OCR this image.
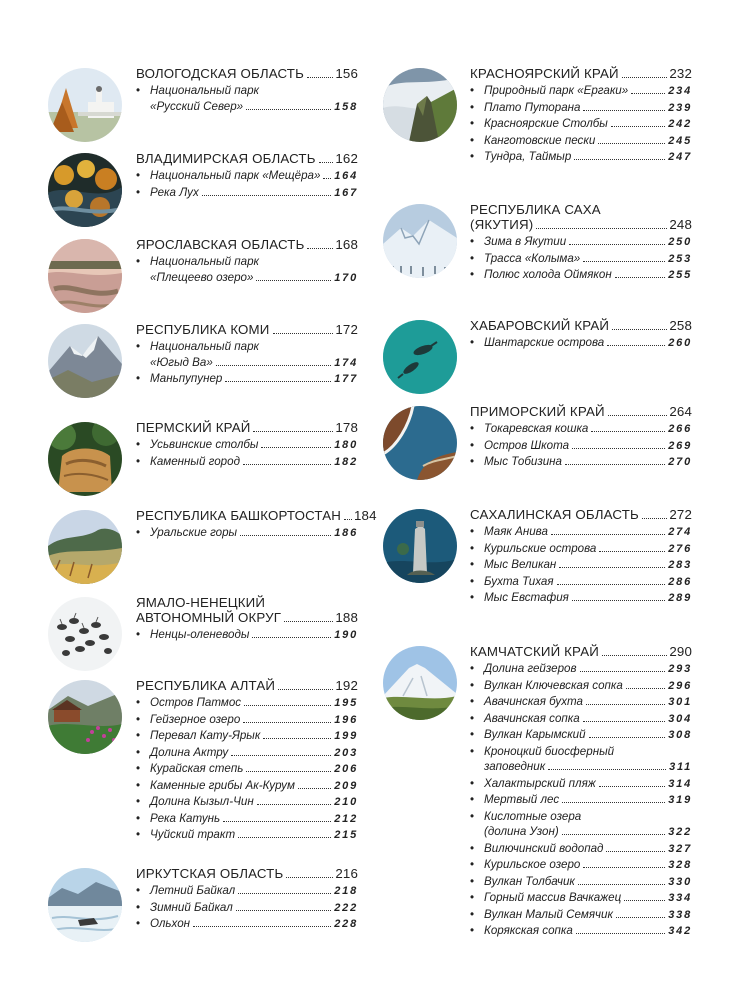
ВОЛОГОДСКАЯ ОБЛАСТЬ 156
• Национальный парк
«Русский Север»	158
ВЛАДИМИРСКАЯ ОБЛАСТЬ 162
• Национальный парк «Мещёра» 164
• Река Лух	167
ЯРОСЛАВСКАЯ ОБЛАСТЬ 168
• Национальный парк
«Плещеево озеро»	170
РЕСПУБЛИКА КОМИ	172
• Национальный парк
«Югыд Ва»	174
• Маньпупунер	177
ПЕРМСКИЙ КРАЙ	178
• Усьвинские столбы	180
• Каменный город	182
РЕСПУБЛИКА БАШКОРТОСТАН 184
• Уральские горы	186
ЯМАЛО-НЕНЕЦКИЙ
АВТОНОМНЫЙ ОКРУГ	188
• Ненцы-оленеводы	190
РЕСПУБЛИКА АЛТАЙ	192
• Остров Патмос	195
• Гейзерное озеро	196
• Перевал Кату-Ярык	199
• Долина Актру	203
• Курайская степь	206
• Каменные грибы Ак-Курум	209
• Долина Кызыл-Чин	210
• Река Катунь	212
• Чуйский тракт	215
ИРКУТСКАЯ ОБЛАСТЬ	216
• Летний Байкал	218
• Зимний Байкал	222
• Ольхон	228
КРАСНОЯРСКИЙ КРАЙ	232
• Природный парк «Ергаки»	234
• Плато Путорана	239
• Красноярские Столбы	242
• Канготовские пески	245
• Тундра, Таймыр	247
РЕСПУБЛИКА САХА
(ЯКУТИЯ)	248
• Зима в Якутии	250
• Трасса «Колыма»	253
• Полюс холода Оймякон	255
ХАБАРОВСКИЙ КРАЙ	258
• Шантарские острова	260
ПРИМОРСКИЙ КРАЙ	264
• Токаревская кошка	266
• Остров Шкота	269
• Мыс Тобизина	270
САХАЛИНСКАЯ ОБЛАСТЬ 272
• Маяк Анива	274
• Курильские острова	276
• Мыс Великан	283
• Бухта Тихая	286
• Мыс Евстафия	289
КАМЧАТСКИЙ КРАЙ	290
• Долина гейзеров	293
• Вулкан Ключевская сопка	296
• Авачинская бухта	301
• Авачинская сопка	304
• Вулкан Карымский	308
• Кроноцкий биосферный
заповедник	311
• Халактырский пляж	314
• Мертвый лес	319
• Кислотные озера
(долина Узон)	322
• Вилючинский водопад	327
• Курильское озеро	328
• Вулкан Толбачик	330
• Горный массив Вачкажец	334
• Вулкан Малый Семячик	338
• Корякская сопка	342
